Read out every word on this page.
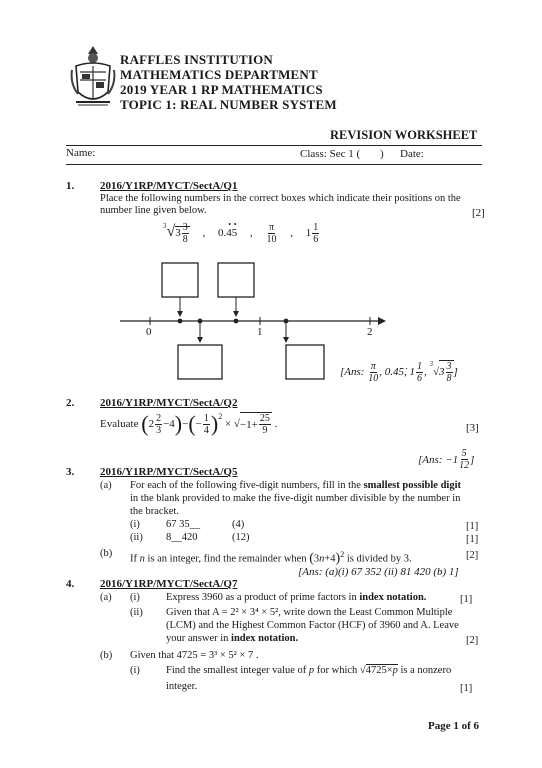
RAFFLES INSTITUTION
MATHEMATICS DEPARTMENT
2019 YEAR 1 RP MATHEMATICS
TOPIC 1: REAL NUMBER SYSTEM
REVISION WORKSHEET
Name:	Class: Sec 1 ( ) Date:
1. 2016/Y1RP/MYCT/SectA/Q1
Place the following numbers in the correct boxes which indicate their positions on the
number line given below.	[2]
$^3√3 \frac{3}{8}$ , 0.4
•
5
•
, $\frac{\pi}{10}$ , $1 \frac{1}{6}$
0	1	2
[Ans:
$\frac{\pi}{10}$ , 0.4̇5̇, $1 \frac{1}{6}$ ,
3
√ $3 \frac{3}{8}$ ]
2. 2016/Y1RP/MYCT/SectA/Q2
Evaluate
( $2 \frac{2}{3} -4$ ) − ( − $\frac{1}{4} )^2$
× √ $-1+ \frac{25}{9}$ .	[3]
[Ans: $-1 \frac{5}{12}$ ]
3. 2016/Y1RP/MYCT/SectA/Q5
(a) For each of the following five-digit numbers, fill in the smallest possible digit
in the blank provided to make the five-digit number divisible by the number in
the bracket.
(i) 67 35__	(4)	[1]
(ii) 8__420	(12)	[1]
(b) If n is an integer, find the remainder when $(3n+4)^2$ is divided by 3.	[2]
[Ans: (a)(i) 67 352 (ii) 81 420 (b) 1]
4. 2016/Y1RP/MYCT/SectA/Q7
(a) (i) Express 3960 as a product of prime factors in index notation.	[1]
(ii) Given that A = 2² × 3⁴ × 5², write down the Least Common Multiple
(LCM) and the Highest Common Factor (HCF) of 3960 and A. Leave
your answer in index notation.	[2]
(b) Given that 4725 = 3³ × 5² × 7 .
(i) Find the smallest integer value of p for which √4725×p is a nonzero
integer.	[1]
Page 1 of 6
